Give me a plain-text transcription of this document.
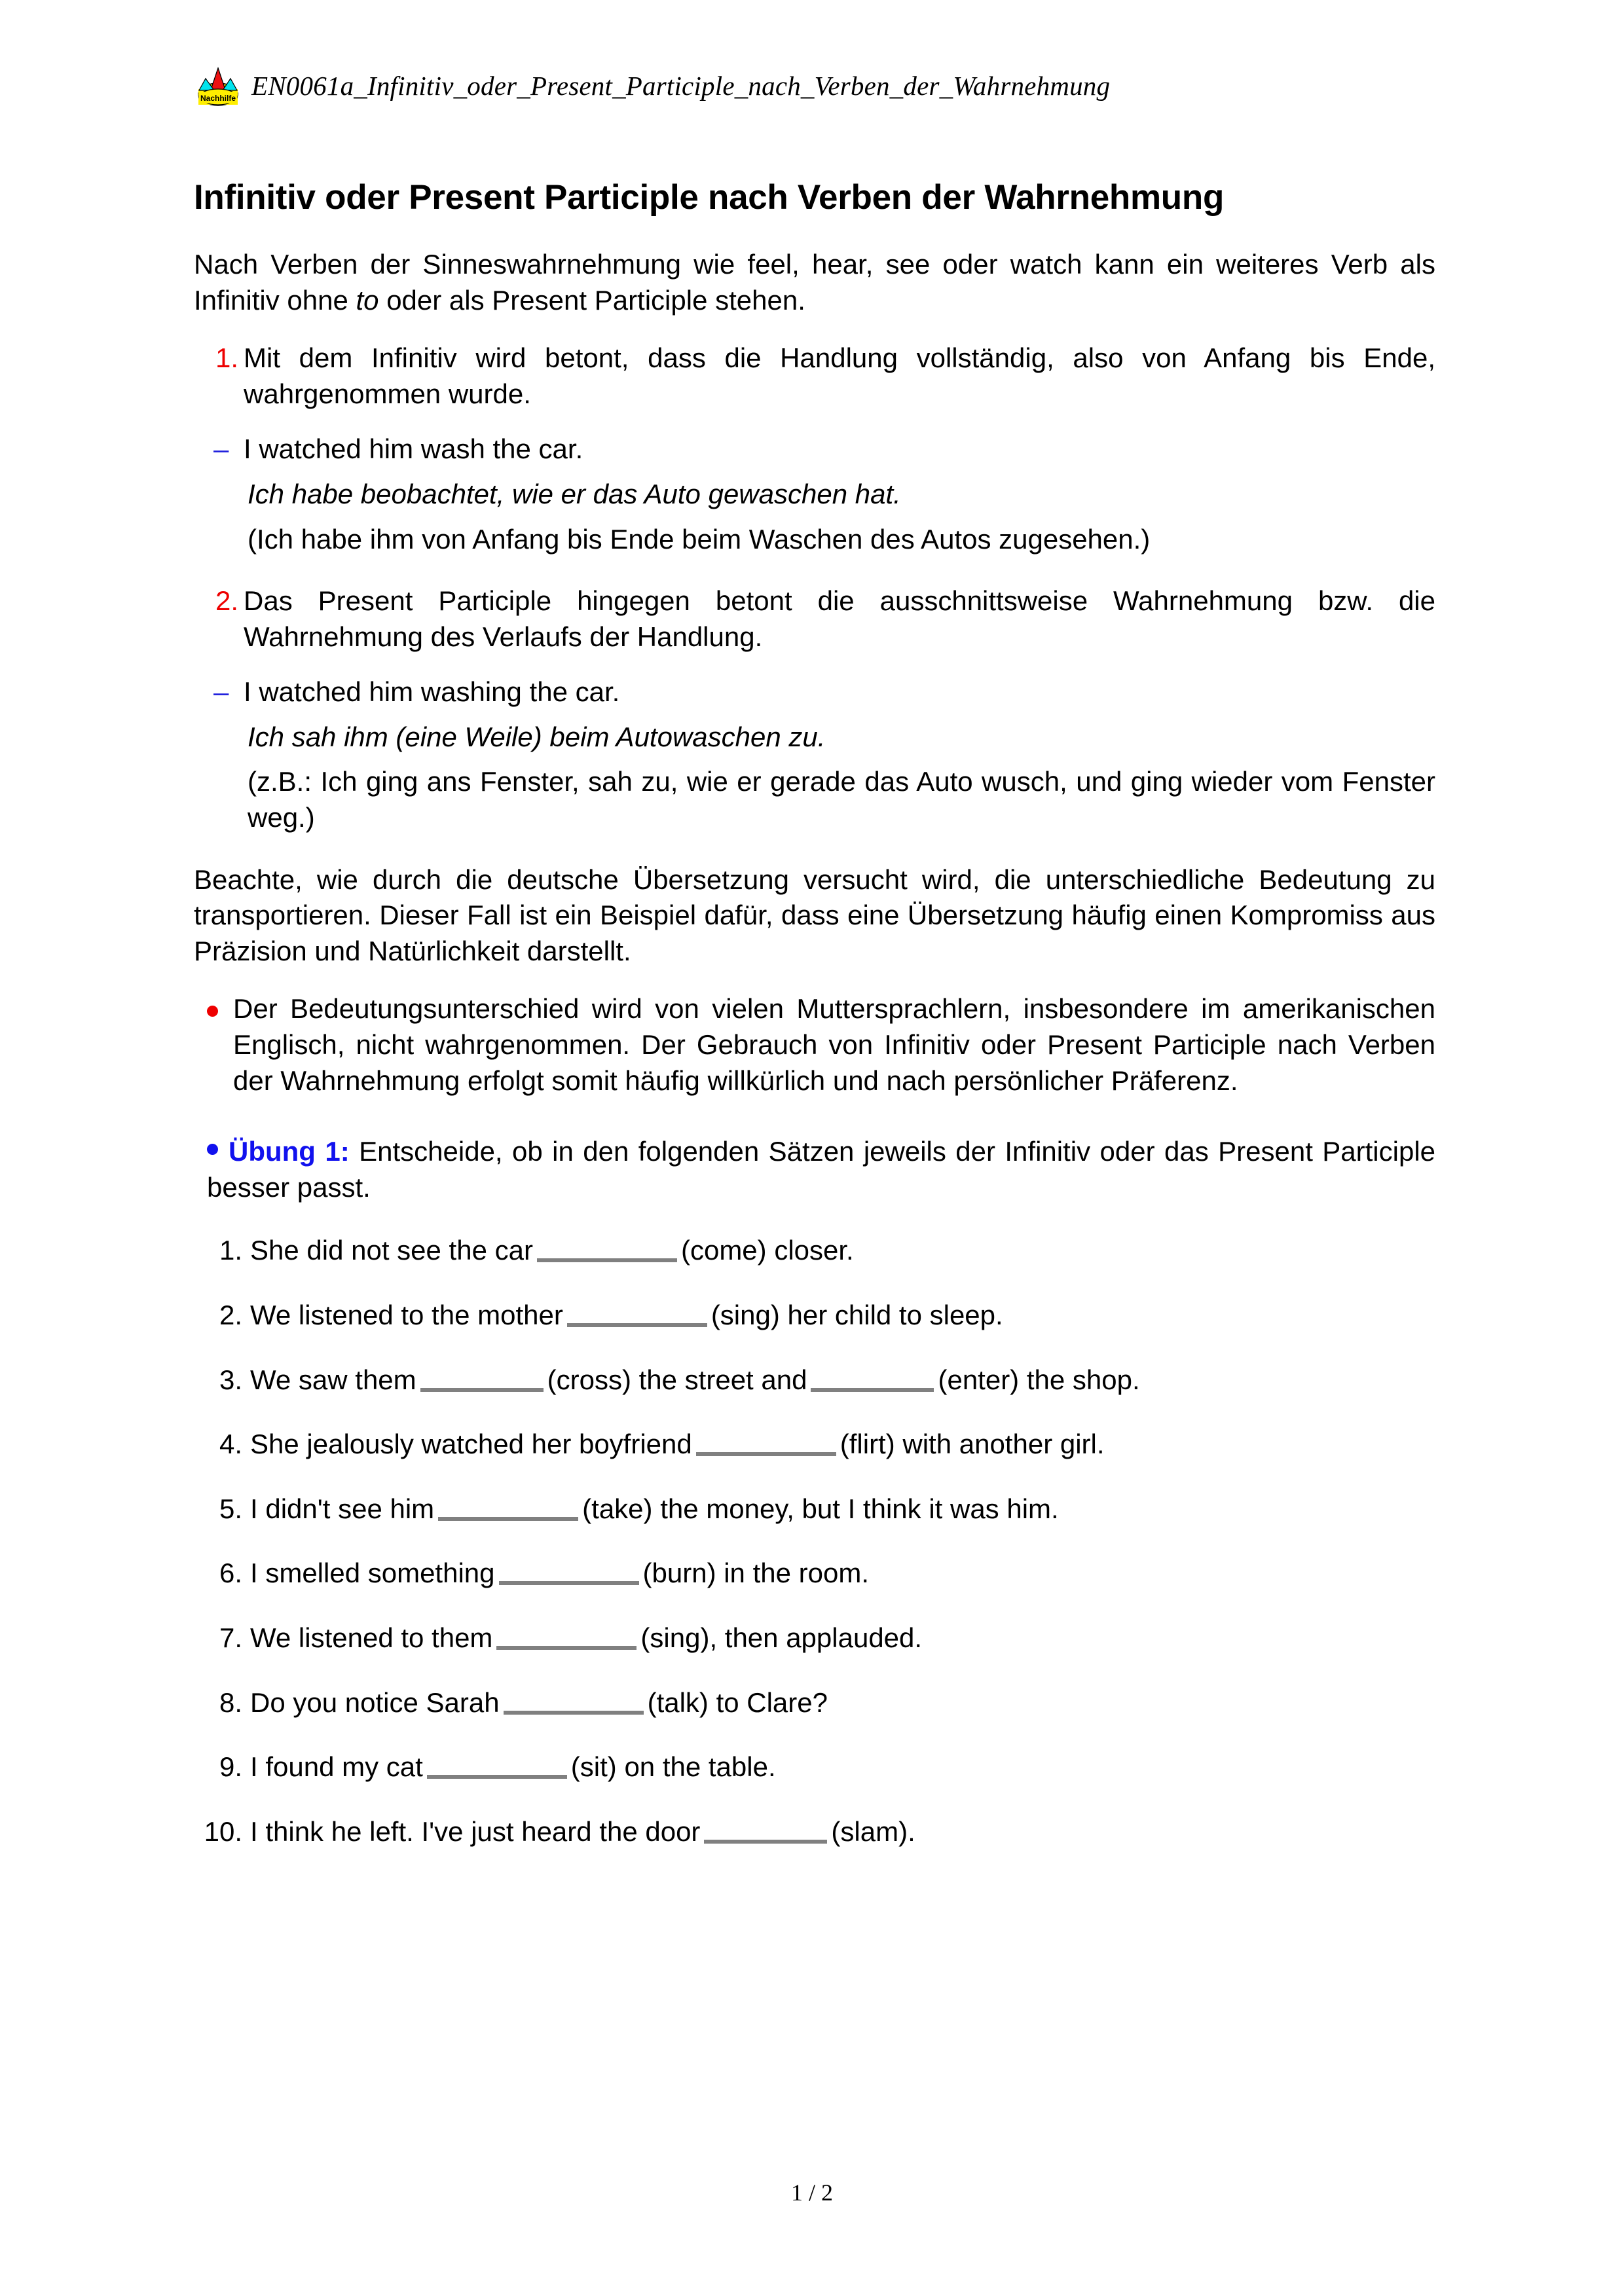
Nachhilfe EN0061a_Infinitiv_oder_Present_Participle_nach_Verben_der_Wahrnehmung
Infinitiv oder Present Participle nach Verben der Wahrnehmung

Nach Verben der Sinneswahrnehmung wie feel, hear, see oder watch kann ein weiteres Verb als Infinitiv ohne to oder als Present Participle stehen.

1. Mit dem Infinitiv wird betont, dass die Handlung vollständig, also von Anfang bis Ende, wahrgenommen wurde.
– I watched him wash the car.
Ich habe beobachtet, wie er das Auto gewaschen hat.
(Ich habe ihm von Anfang bis Ende beim Waschen des Autos zugesehen.)
2. Das Present Participle hingegen betont die ausschnittsweise Wahrnehmung bzw. die Wahrnehmung des Verlaufs der Handlung.
– I watched him washing the car.
Ich sah ihm (eine Weile) beim Autowaschen zu.
(z.B.: Ich ging ans Fenster, sah zu, wie er gerade das Auto wusch, und ging wieder vom Fenster weg.)

Beachte, wie durch die deutsche Übersetzung versucht wird, die unterschiedliche Bedeutung zu transportieren. Dieser Fall ist ein Beispiel dafür, dass eine Übersetzung häufig einen Kompromiss aus Präzision und Natürlichkeit darstellt.

Der Bedeutungsunterschied wird von vielen Muttersprachlern, insbesondere im amerikanischen Englisch, nicht wahrgenommen. Der Gebrauch von Infinitiv oder Present Participle nach Verben der Wahrnehmung erfolgt somit häufig willkürlich und nach persönlicher Präferenz.

Übung 1: Entscheide, ob in den folgenden Sätzen jeweils der Infinitiv oder das Present Participle besser passt.

1. She did not see the car	(come) closer.
2. We listened to the mother	(sing) her child to sleep.
3. We saw them	(cross) the street and	(enter) the shop.
4. She jealously watched her boyfriend	(flirt) with another girl.
5. I didn't see him	(take) the money, but I think it was him.
6. I smelled something	(burn) in the room.
7. We listened to them	(sing), then applauded.
8. Do you notice Sarah	(talk) to Clare?
9. I found my cat	(sit) on the table.
10. I think he left. I've just heard the door	(slam).
1 / 2
